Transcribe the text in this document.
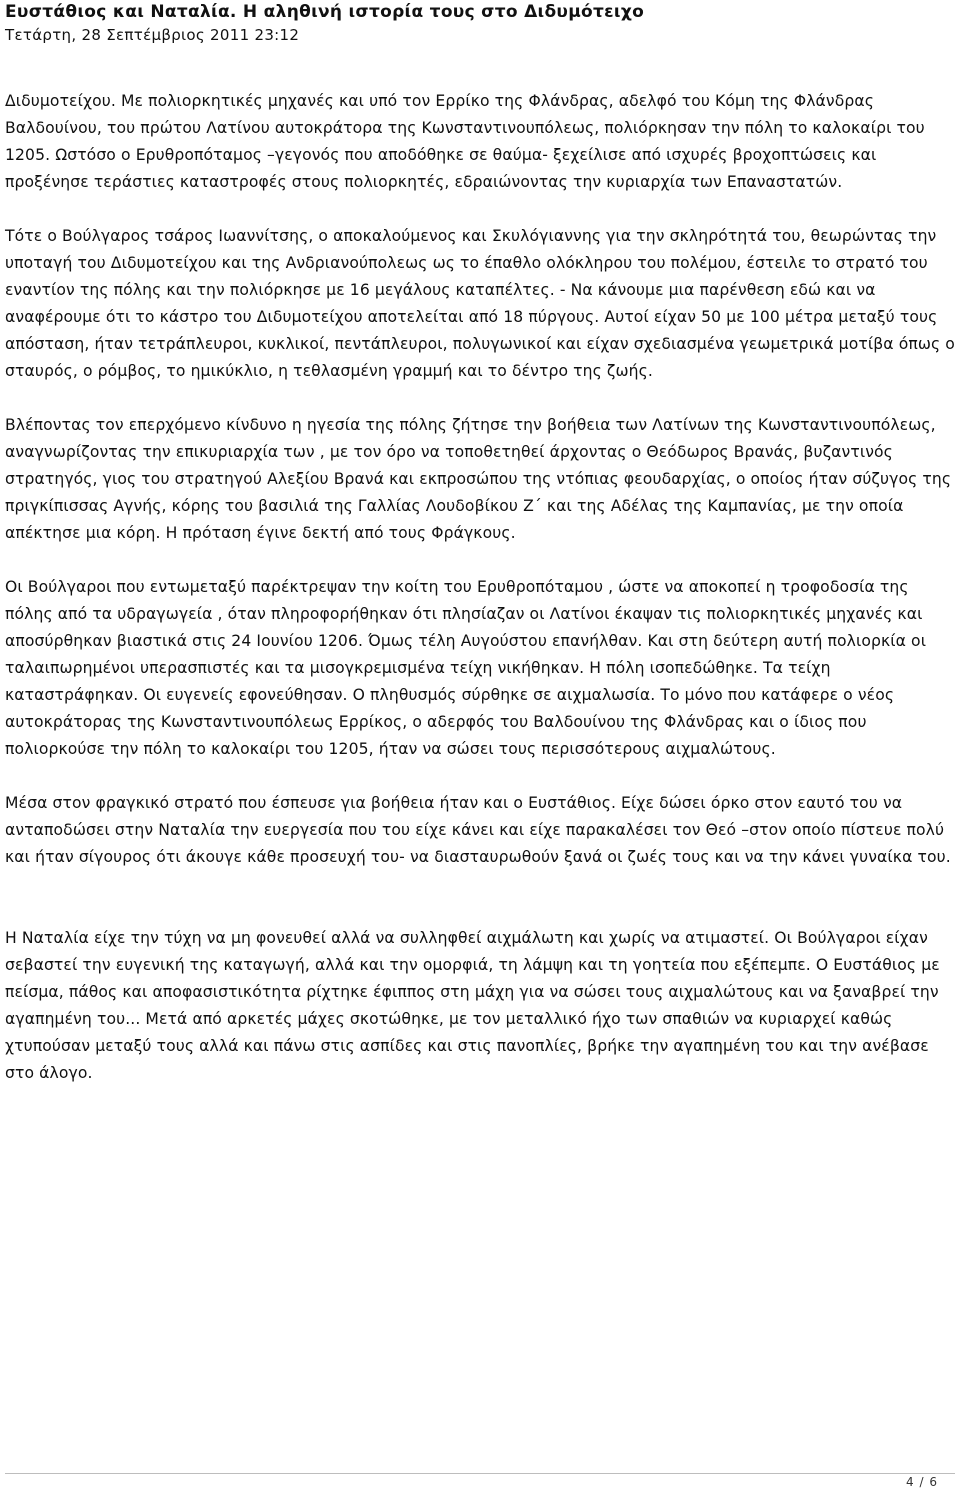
Ευστάθιος και Ναταλία. Η αληθινή ιστορία τους στο Διδυμότειχο
Τετάρτη, 28 Σεπτέμβριος 2011 23:12

Διδυμοτείχου. Με πολιορκητικές μηχανές και υπό τον Ερρίκο της Φλάνδρας, αδελφό του Κόμη της Φλάνδρας Βαλδουίνου, του πρώτου Λατίνου αυτοκράτορα της Κωνσταντινουπόλεως, πολιόρκησαν την πόλη το καλοκαίρι του 1205. Ωστόσο ο Ερυθροπόταμος –γεγονός που αποδόθηκε σε θαύμα- ξεχείλισε από ισχυρές βροχοπτώσεις και προξένησε τεράστιες καταστροφές στους πολιορκητές, εδραιώνοντας την κυριαρχία των Επαναστατών.

Τότε ο Βούλγαρος τσάρος Ιωαννίτσης, ο αποκαλούμενος και Σκυλόγιαννης για την σκληρότητά του, θεωρώντας την υποταγή του Διδυμοτείχου και της Ανδριανούπολεως ως το έπαθλο ολόκληρου του πολέμου, έστειλε το στρατό του εναντίον της πόλης και την πολιόρκησε με 16 μεγάλους καταπέλτες. - Να κάνουμε μια παρένθεση εδώ και να αναφέρουμε ότι το κάστρο του Διδυμοτείχου αποτελείται από 18 πύργους. Αυτοί είχαν 50 με 100 μέτρα μεταξύ τους απόσταση, ήταν τετράπλευροι, κυκλικοί, πεντάπλευροι, πολυγωνικοί και είχαν σχεδιασμένα γεωμετρικά μοτίβα όπως ο σταυρός, ο ρόμβος, το ημικύκλιο, η τεθλασμένη γραμμή και το δέντρο της ζωής.

Βλέποντας τον επερχόμενο κίνδυνο η ηγεσία της πόλης ζήτησε την βοήθεια των Λατίνων της Κωνσταντινουπόλεως, αναγνωρίζοντας την επικυριαρχία των , με τον όρο να τοποθετηθεί άρχοντας ο Θεόδωρος Βρανάς, βυζαντινός στρατηγός, γιος του στρατηγού Αλεξίου Βρανά και εκπροσώπου της ντόπιας φεουδαρχίας, ο οποίος ήταν σύζυγος της πριγκίπισσας Αγνής, κόρης του βασιλιά της Γαλλίας Λουδοβίκου Ζ΄ και της Αδέλας της Καμπανίας, με την οποία απέκτησε μια κόρη. Η πρόταση έγινε δεκτή από τους Φράγκους.

Οι Βούλγαροι που εντωμεταξύ παρέκτρεψαν την κοίτη του Ερυθροπόταμου , ώστε να αποκοπεί η τροφοδοσία της πόλης από τα υδραγωγεία , όταν πληροφορήθηκαν ότι πλησίαζαν οι Λατίνοι έκαψαν τις πολιορκητικές μηχανές και αποσύρθηκαν βιαστικά στις 24 Ιουνίου 1206. Όμως τέλη Αυγούστου επανήλθαν. Και στη δεύτερη αυτή πολιορκία οι ταλαιπωρημένοι υπερασπιστές και τα μισογκρεμισμένα τείχη νικήθηκαν. Η πόλη ισοπεδώθηκε. Τα τείχη καταστράφηκαν. Οι ευγενείς εφονεύθησαν. Ο πληθυσμός σύρθηκε σε αιχμαλωσία. Το μόνο που κατάφερε ο νέος αυτοκράτορας της Κωνσταντινουπόλεως Ερρίκος, ο αδερφός του Βαλδουίνου της Φλάνδρας και ο ίδιος που πολιορκούσε την πόλη το καλοκαίρι του 1205, ήταν να σώσει τους περισσότερους αιχμαλώτους.

Μέσα στον φραγκικό στρατό που έσπευσε για βοήθεια ήταν και ο Ευστάθιος. Είχε δώσει όρκο στον εαυτό του να ανταποδώσει στην Ναταλία την ευεργεσία που του είχε κάνει και είχε παρακαλέσει τον Θεό –στον οποίο πίστευε πολύ και ήταν σίγουρος ότι άκουγε κάθε προσευχή του- να διασταυρωθούν ξανά οι ζωές τους και να την κάνει γυναίκα του.

Η Ναταλία είχε την τύχη να μη φονευθεί αλλά να συλληφθεί αιχμάλωτη και χωρίς να ατιμαστεί. Οι Βούλγαροι είχαν σεβαστεί την ευγενική της καταγωγή, αλλά και την ομορφιά, τη λάμψη και τη γοητεία που εξέπεμπε. Ο Ευστάθιος με πείσμα, πάθος και αποφασιστικότητα ρίχτηκε έφιππος στη μάχη για να σώσει τους αιχμαλώτους και να ξαναβρεί την αγαπημένη του... Μετά από αρκετές μάχες σκοτώθηκε, με τον μεταλλικό ήχο των σπαθιών να κυριαρχεί καθώς χτυπούσαν μεταξύ τους αλλά και πάνω στις ασπίδες και στις πανοπλίες, βρήκε την αγαπημένη του και την ανέβασε στο άλογο.

4 / 6
